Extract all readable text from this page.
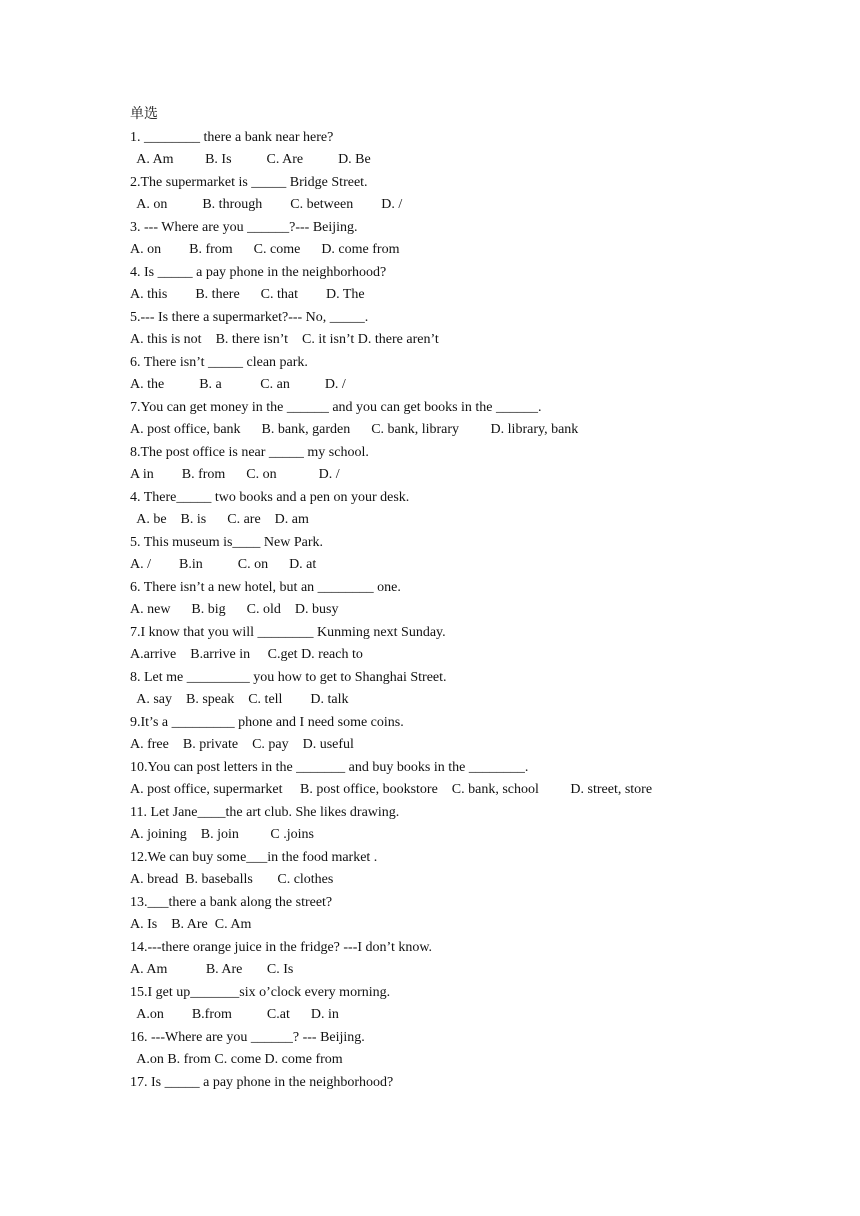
单选
1. ________ there a bank near here?
A. Am         B. Is          C. Are          D. Be
2.The supermarket is _____ Bridge Street.
A. on          B. through        C. between        D. /
3. --- Where are you ______?--- Beijing.
A. on        B. from      C. come      D. come from
4. Is _____ a pay phone in the neighborhood?
A. this        B. there      C. that        D. The
5.--- Is there a supermarket?--- No, _____.
A. this is not    B. there isn’t    C. it isn’t D. there aren’t
6. There isn’t _____ clean park.
A. the          B. a           C. an          D. /
7.You can get money in the ______ and you can get books in the ______.
A. post office, bank      B. bank, garden      C. bank, library         D. library, bank
8.The post office is near _____ my school.
A in        B. from      C. on            D. /
4. There_____ two books and a pen on your desk.
A. be    B. is      C. are    D. am
5. This museum is____ New Park.
A. /        B.in          C. on      D. at
6. There isn’t a new hotel, but an ________ one.
A. new      B. big      C. old    D. busy
7.I know that you will ________ Kunming next Sunday.
A.arrive    B.arrive in     C.get D. reach to
8. Let me _________ you how to get to Shanghai Street.
A. say    B. speak    C. tell        D. talk
9.It’s a _________ phone and I need some coins.
A. free    B. private    C. pay    D. useful
10.You can post letters in the _______ and buy books in the ________.
A. post office, supermarket     B. post office, bookstore    C. bank, school         D. street, store
11. Let Jane____the art club. She likes drawing.
A. joining    B. join         C .joins
12.We can buy some___in the food market .
A. bread  B. baseballs       C. clothes
13.___there a bank along the street?
A. Is    B. Are  C. Am
14.---there orange juice in the fridge? ---I don’t know.
A. Am           B. Are       C. Is
15.I get up_______six o’clock every morning.
A.on        B.from          C.at      D. in
16. ---Where are you ______? --- Beijing.
A.on B. from C. come D. come from
17. Is _____ a pay phone in the neighborhood?
